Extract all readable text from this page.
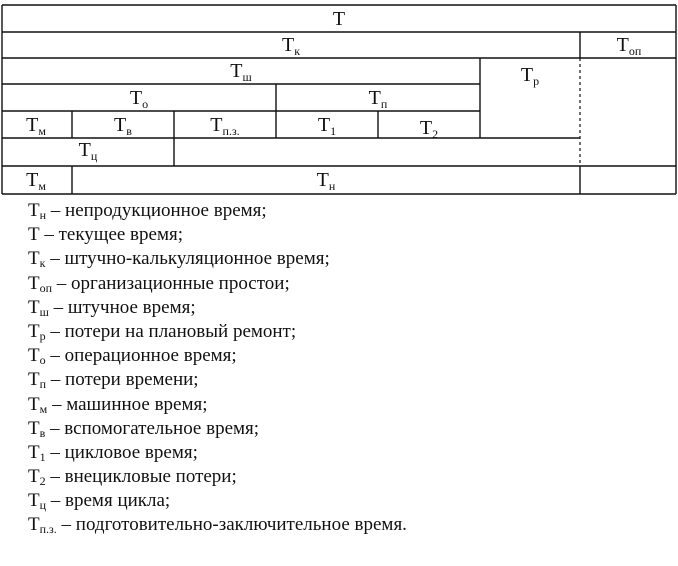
T
$T_к$	$T_{оп}$
$T_ш$	$T_р$
$T_о$	$T_п$
$T_м$	$T_в$	$T_{п.з.}$	$T_1$	$T_2$
$T_ц$
$T_м$	$T_н$
$T_н$ – непродукционное время;
T – текущее время;
$T_к$ – штучно-калькуляционное время;
$T_{оп}$ – организационные простои;
$T_ш$ – штучное время;
$T_р$ – потери на плановый ремонт;
$T_о$ – операционное время;
$T_п$ – потери времени;
$T_м$ – машинное время;
$T_в$ – вспомогательное время;
$T_1$ – цикловое время;
$T_2$ – внецикловые потери;
$T_ц$ – время цикла;
$T_{п.з.}$ – подготовительно-заключительное время.
